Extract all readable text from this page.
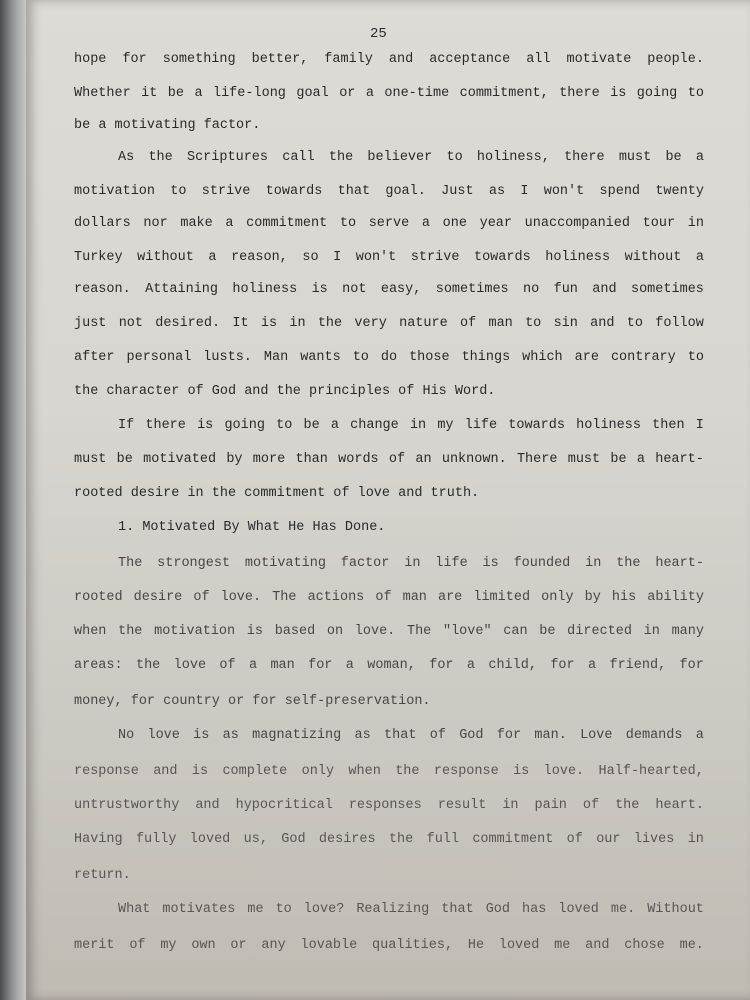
25
hope for something better, family and acceptance all motivate people.
Whether it be a life-long goal or a one-time commitment, there is going to
be
a
motivating
factor.
As the Scriptures call the believer to holiness, there must be a
motivation to strive towards that goal. Just as I won't spend twenty
dollars nor make a commitment to serve a one year unaccompanied tour in
Turkey without a reason, so I won't strive towards holiness without a
reason. Attaining holiness is not easy, sometimes no fun and sometimes
just not desired. It is in the very nature of man to sin and to follow
after personal lusts. Man wants to do those things which are contrary to
the
character
of
God
and
the
principles
of
His
Word.
If there is going to be a change in my life towards holiness then I
must be motivated by more than words of an unknown. There must be a heart-
rooted
desire
in
the
commitment
of
love
and
truth.
1.
Motivated
By
What
He
Has
Done.
The strongest motivating factor in life is founded in the heart-
rooted desire of love. The actions of man are limited only by his ability
when the motivation is based on love. The "love" can be directed in many
areas: the love of a man for a woman, for a child, for a friend, for
money,
for
country
or
for
self-preservation.
No love is as magnatizing as that of God for man. Love demands a
response and is complete only when the response is love. Half-hearted,
untrustworthy and hypocritical responses result in pain of the heart.
Having fully loved us, God desires the full commitment of our lives in
return.
What motivates me to love? Realizing that God has loved me. Without
merit of my own or any lovable qualities, He loved me and chose me.
